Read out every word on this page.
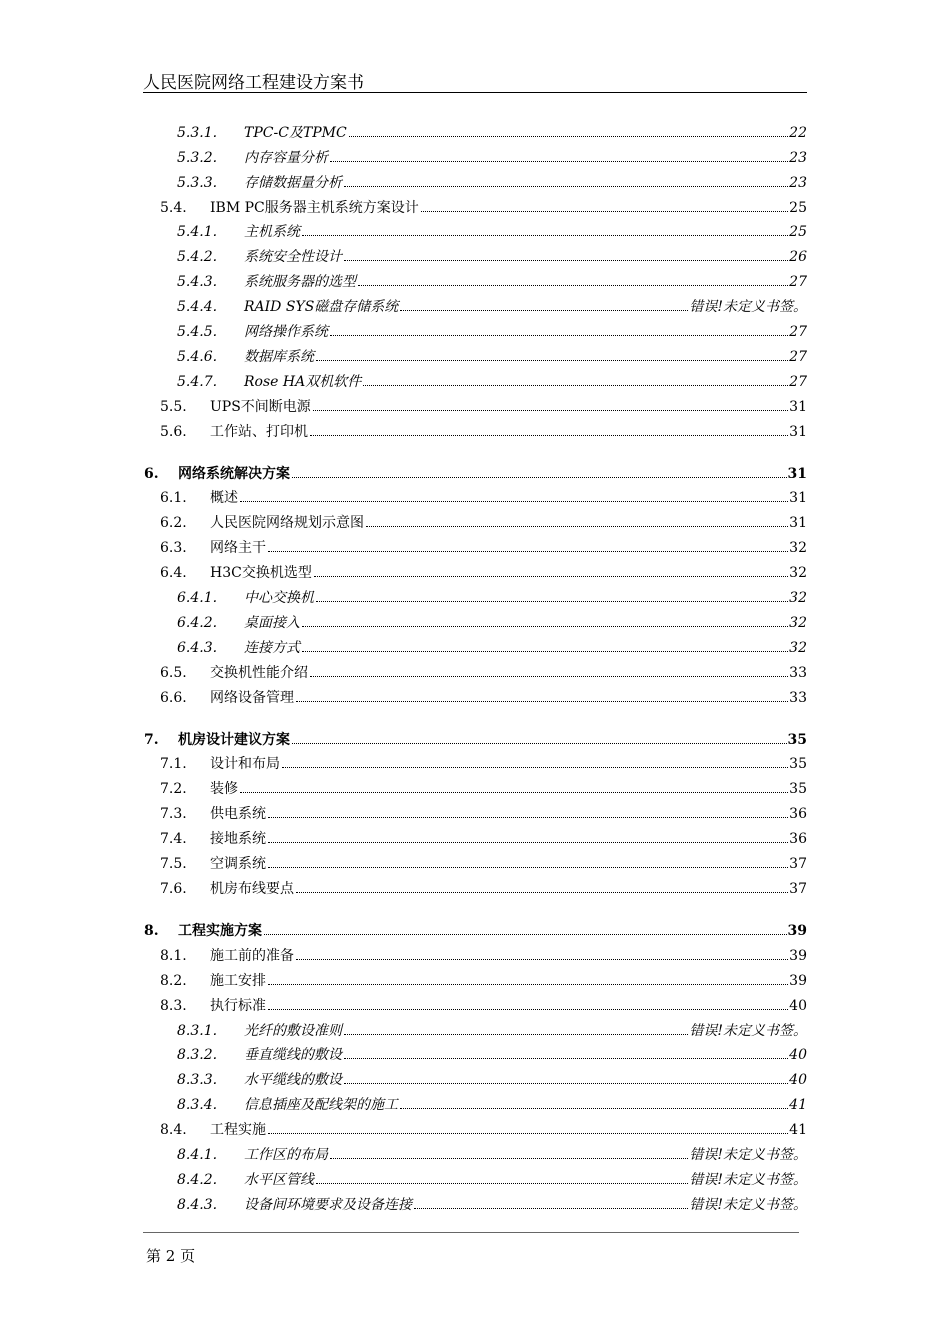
人民医院网络工程建设方案书
5.3.1.	TPC-C及TPMC	22
5.3.2.	内存容量分析	23
5.3.3.	存储数据量分析	23
5.4.	IBM PC服务器主机系统方案设计	25
5.4.1.	主机系统	25
5.4.2.	系统安全性设计	26
5.4.3.	系统服务器的选型	27
5.4.4.	RAID SYS磁盘存储系统	错误!未定义书签。
5.4.5.	网络操作系统	27
5.4.6.	数据库系统	27
5.4.7.	Rose HA双机软件	27
5.5.	UPS不间断电源	31
5.6.	工作站、打印机	31
6.	网络系统解决方案	31
6.1.	概述	31
6.2.	人民医院网络规划示意图	31
6.3.	网络主干	32
6.4.	H3C交换机选型	32
6.4.1.	中心交换机	32
6.4.2.	桌面接入	32
6.4.3.	连接方式	32
6.5.	交换机性能介绍	33
6.6.	网络设备管理	33
7.	机房设计建议方案	35
7.1.	设计和布局	35
7.2.	装修	35
7.3.	供电系统	36
7.4.	接地系统	36
7.5.	空调系统	37
7.6.	机房布线要点	37
8.	工程实施方案	39
8.1.	施工前的准备	39
8.2.	施工安排	39
8.3.	执行标准	40
8.3.1.	光纤的敷设准则	错误!未定义书签。
8.3.2.	垂直缆线的敷设	40
8.3.3.	水平缆线的敷设	40
8.3.4.	信息插座及配线架的施工	41
8.4.	工程实施	41
8.4.1.	工作区的布局	错误!未定义书签。
8.4.2.	水平区管线	错误!未定义书签。
8.4.3.	设备间环境要求及设备连接	错误!未定义书签。
第 2 页
